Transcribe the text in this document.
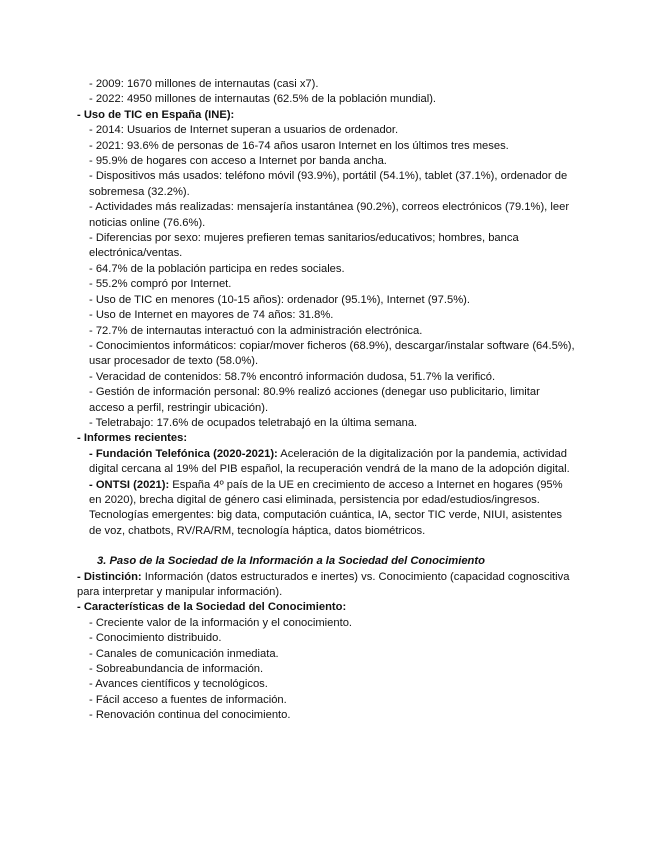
- 2009: 1670 millones de internautas (casi x7).
- 2022: 4950 millones de internautas (62.5% de la población mundial).
- Uso de TIC en España (INE):
- 2014: Usuarios de Internet superan a usuarios de ordenador.
- 2021: 93.6% de personas de 16-74 años usaron Internet en los últimos tres meses.
- 95.9% de hogares con acceso a Internet por banda ancha.
- Dispositivos más usados: teléfono móvil (93.9%), portátil (54.1%), tablet (37.1%), ordenador de sobremesa (32.2%).
- Actividades más realizadas: mensajería instantánea (90.2%), correos electrónicos (79.1%), leer noticias online (76.6%).
- Diferencias por sexo: mujeres prefieren temas sanitarios/educativos; hombres, banca electrónica/ventas.
- 64.7% de la población participa en redes sociales.
- 55.2% compró por Internet.
- Uso de TIC en menores (10-15 años): ordenador (95.1%), Internet (97.5%).
- Uso de Internet en mayores de 74 años: 31.8%.
- 72.7% de internautas interactuó con la administración electrónica.
- Conocimientos informáticos: copiar/mover ficheros (68.9%), descargar/instalar software (64.5%), usar procesador de texto (58.0%).
- Veracidad de contenidos: 58.7% encontró información dudosa, 51.7% la verificó.
- Gestión de información personal: 80.9% realizó acciones (denegar uso publicitario, limitar acceso a perfil, restringir ubicación).
- Teletrabajo: 17.6% de ocupados teletrabajó en la última semana.
- Informes recientes:
- Fundación Telefónica (2020-2021): Aceleración de la digitalización por la pandemia, actividad digital cercana al 19% del PIB español, la recuperación vendrá de la mano de la adopción digital.
- ONTSI (2021): España 4º país de la UE en crecimiento de acceso a Internet en hogares (95% en 2020), brecha digital de género casi eliminada, persistencia por edad/estudios/ingresos. Tecnologías emergentes: big data, computación cuántica, IA, sector TIC verde, NIUI, asistentes de voz, chatbots, RV/RA/RM, tecnología háptica, datos biométricos.
3. Paso de la Sociedad de la Información a la Sociedad del Conocimiento
- Distinción: Información (datos estructurados e inertes) vs. Conocimiento (capacidad cognoscitiva para interpretar y manipular información).
- Características de la Sociedad del Conocimiento:
- Creciente valor de la información y el conocimiento.
- Conocimiento distribuido.
- Canales de comunicación inmediata.
- Sobreabundancia de información.
- Avances científicos y tecnológicos.
- Fácil acceso a fuentes de información.
- Renovación continua del conocimiento.
